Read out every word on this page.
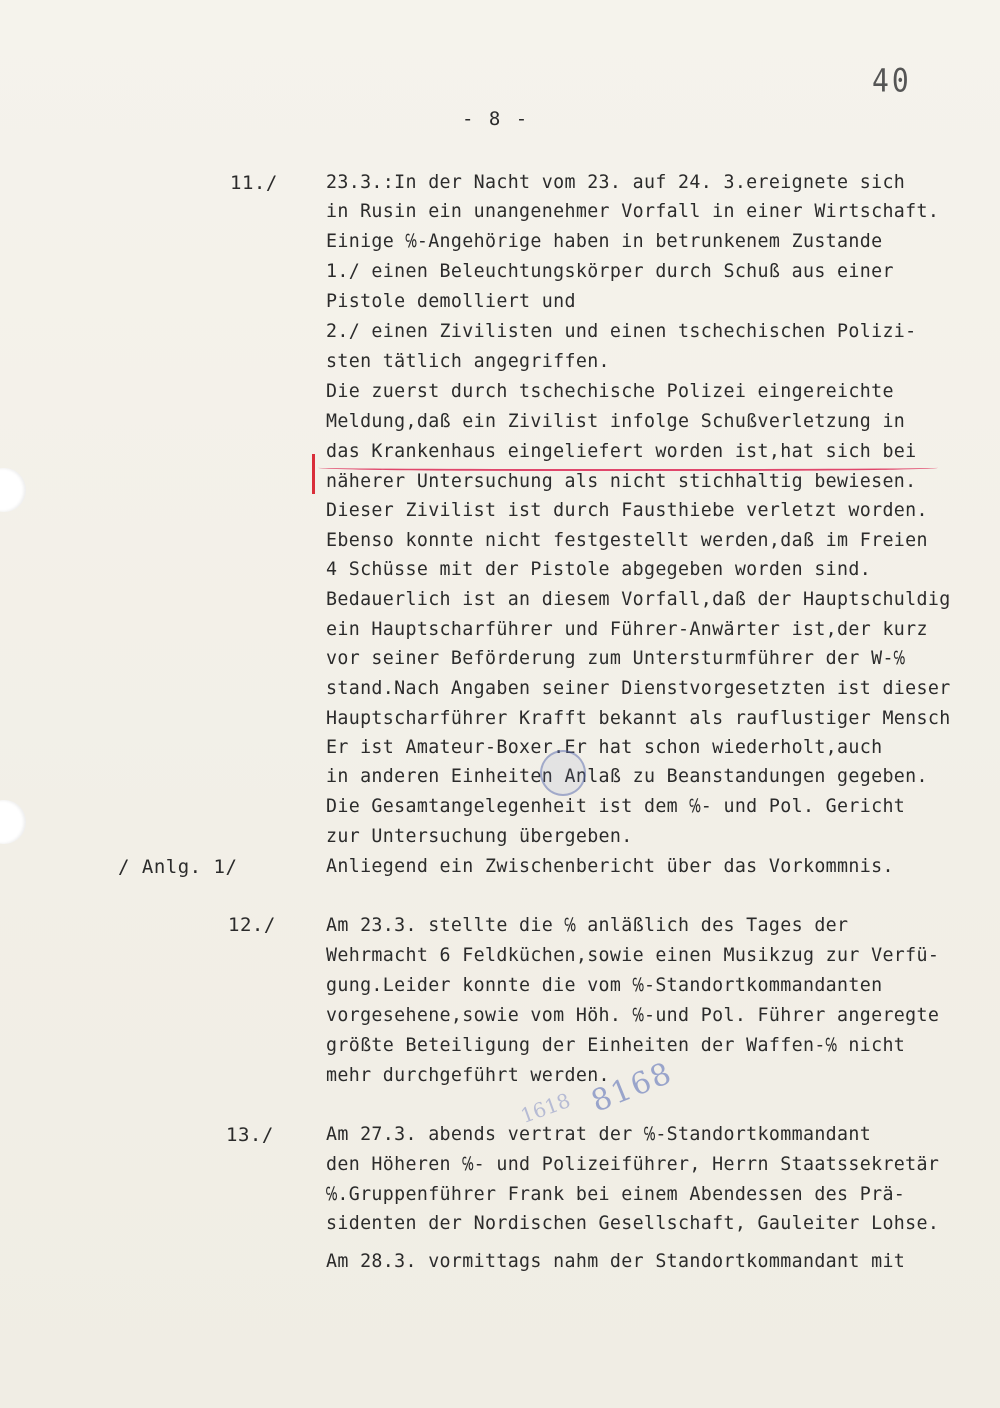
40
- 8 -
11./
/ Anlg. 1/
12./
13./
23.3.:In der Nacht vom 23. auf 24. 3.ereignete sich
in Rusin ein unangenehmer Vorfall in einer Wirtschaft.
Einige ℅-Angehörige haben in betrunkenem Zustande
1./ einen Beleuchtungskörper durch Schuß aus einer
Pistole demolliert und
2./ einen Zivilisten und einen tschechischen Polizi-
sten tätlich angegriffen.
Die zuerst durch tschechische Polizei eingereichte
Meldung,daß ein Zivilist infolge Schußverletzung in
das Krankenhaus eingeliefert worden ist,hat sich bei
näherer Untersuchung als nicht stichhaltig bewiesen.
Dieser Zivilist ist durch Fausthiebe verletzt worden.
Ebenso konnte nicht festgestellt werden,daß im Freien
4 Schüsse mit der Pistole abgegeben worden sind.
Bedauerlich ist an diesem Vorfall,daß der Hauptschuldig
ein Hauptscharführer und Führer-Anwärter ist,der kurz
vor seiner Beförderung zum Untersturmführer der W-℅
stand.Nach Angaben seiner Dienstvorgesetzten ist dieser
Hauptscharführer Krafft bekannt als rauflustiger Mensch
Er ist Amateur-Boxer.Er hat schon wiederholt,auch
in anderen Einheiten Anlaß zu Beanstandungen gegeben.
Die Gesamtangelegenheit ist dem ℅- und Pol. Gericht
zur Untersuchung übergeben.
Anliegend ein Zwischenbericht über das Vorkommnis.
Am 23.3. stellte die ℅ anläßlich des Tages der
Wehrmacht 6 Feldküchen,sowie einen Musikzug zur Verfü-
gung.Leider konnte die vom ℅-Standortkommandanten
vorgesehene,sowie vom Höh. ℅-und Pol. Führer angeregte
größte Beteiligung der Einheiten der Waffen-℅ nicht
mehr durchgeführt werden.
Am 27.3. abends vertrat der ℅-Standortkommandant
den Höheren ℅- und Polizeiführer, Herrn Staatssekretär
℅.Gruppenführer Frank bei einem Abendessen des Prä-
sidenten der Nordischen Gesellschaft, Gauleiter Lohse.
Am 28.3. vormittags nahm der Standortkommandant mit
8168
1618
